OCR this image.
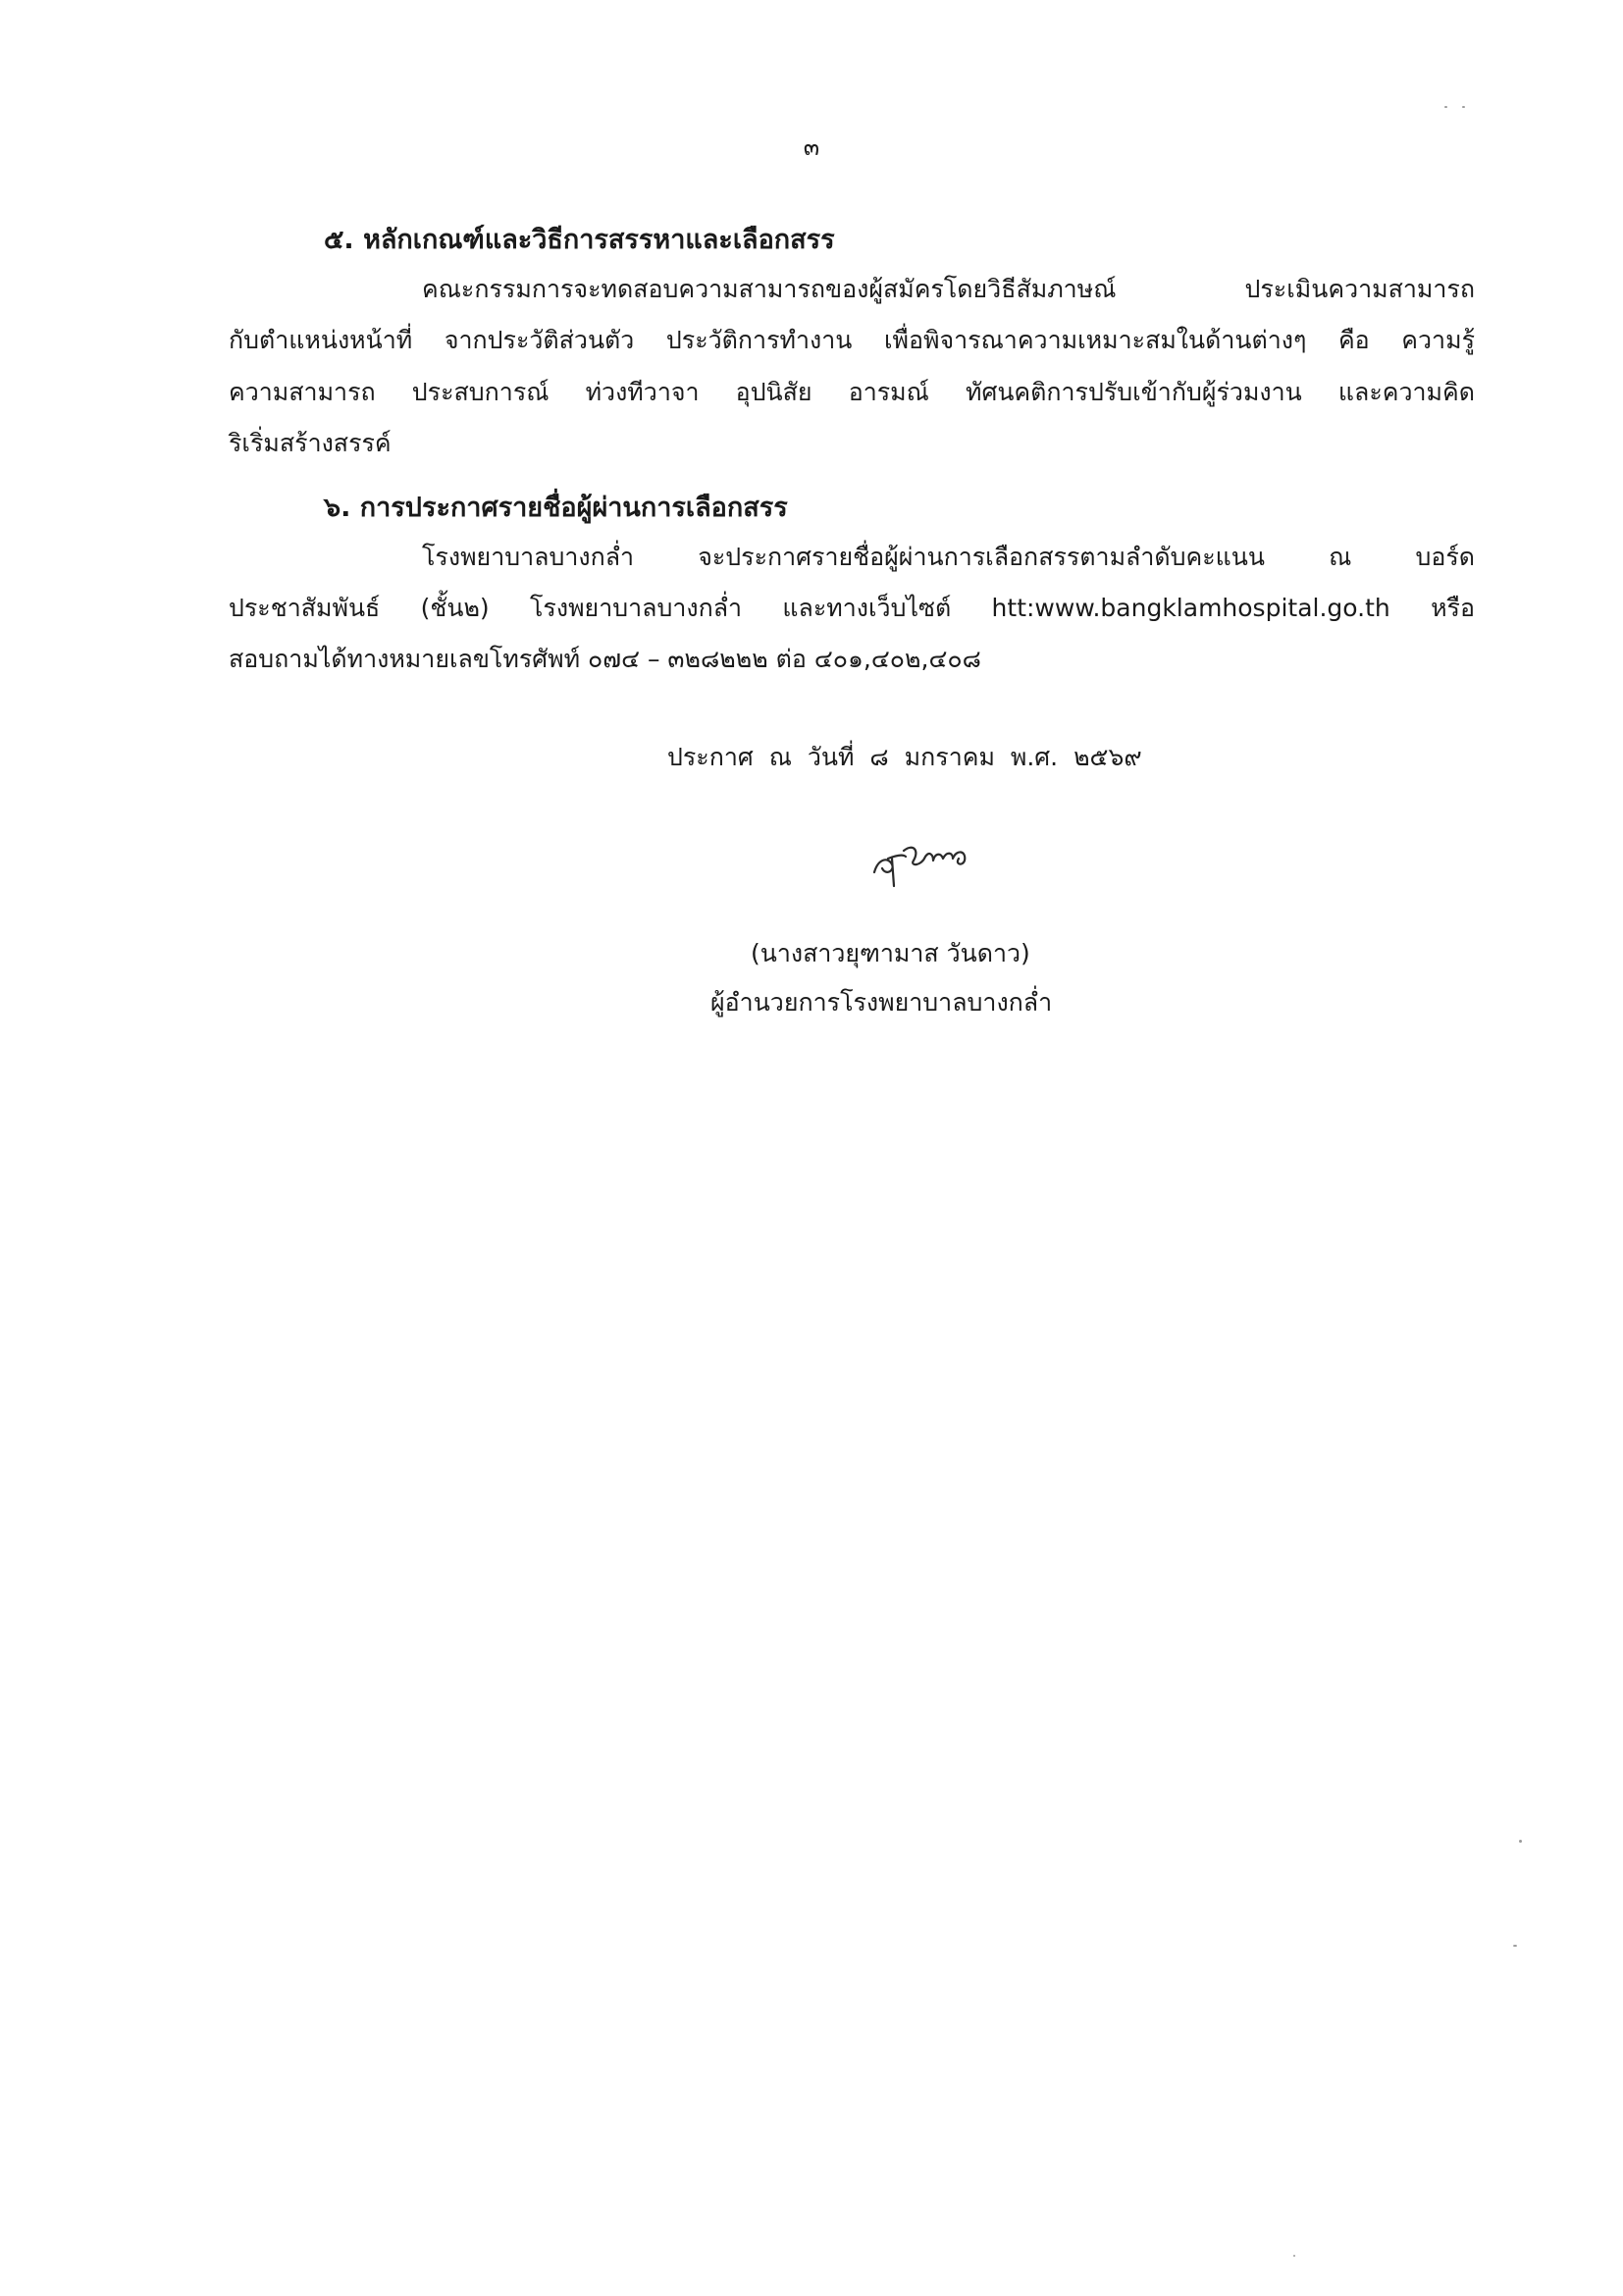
๓
๕. หลักเกณฑ์และวิธีการสรรหาและเลือกสรร
คณะกรรมการจะทดสอบความสามารถของผู้สมัครโดยวิธีสัมภาษณ์ ประเมินความสามารถ
กับตำแหน่งหน้าที่ จากประวัติส่วนตัว ประวัติการทำงาน เพื่อพิจารณาความเหมาะสมในด้านต่างๆ คือ ความรู้
ความสามารถ ประสบการณ์ ท่วงทีวาจา อุปนิสัย อารมณ์ ทัศนคติการปรับเข้ากับผู้ร่วมงาน และความคิด
ริเริ่มสร้างสรรค์
๖. การประกาศรายชื่อผู้ผ่านการเลือกสรร
โรงพยาบาลบางกล่ำ จะประกาศรายชื่อผู้ผ่านการเลือกสรรตามลำดับคะแนน ณ บอร์ด
ประชาสัมพันธ์ (ชั้น๒) โรงพยาบาลบางกล่ำ และทางเว็บไซต์ htt:www.bangklamhospital.go.th หรือ
สอบถามได้ทางหมายเลขโทรศัพท์ ๐๗๔ – ๓๒๘๒๒๒ ต่อ ๔๐๑,๔๐๒,๔๐๘
ประกาศ ณ วันที่ ๘ มกราคม พ.ศ. ๒๕๖๙
(นางสาวยุฑามาส วันดาว)
ผู้อำนวยการโรงพยาบาลบางกล่ำ
